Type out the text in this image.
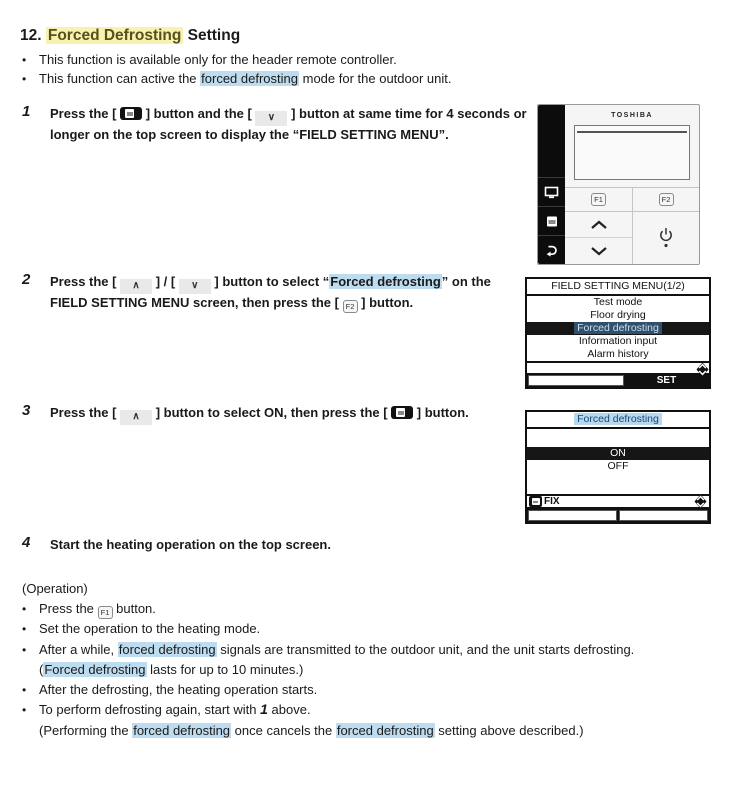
12. Forced Defrosting Setting
• This function is available only for the header remote controller.
• This function can active the forced defrosting mode for the outdoor unit.
1 Press the [  ] button and the [ ∨ ] button at same time for 4 seconds or longer on the top screen to display the “FIELD SETTING MENU”.
TOSHIBA
F1	F2
2 Press the [ ∧ ] / [ ∨ ] button to select “Forced defrosting” on the FIELD SETTING MENU screen, then press the [ F2 ] button.
FIELD SETTING MENU(1/2)
Test mode
Floor drying
Forced defrosting
Information input
Alarm history
SET
3 Press the [ ∧ ] button to select ON, then press the [  ] button.	Forced defrosting
ON
OFF
FIX
4 Start the heating operation on the top screen.
(Operation)
• Press the F1 button.
• Set the operation to the heating mode.
• After a while, forced defrosting signals are transmitted to the outdoor unit, and the unit starts defrosting.
(Forced defrosting lasts for up to 10 minutes.)
• After the defrosting, the heating operation starts.
• To perform defrosting again, start with 1 above.
(Performing the forced defrosting once cancels the forced defrosting setting above described.)
